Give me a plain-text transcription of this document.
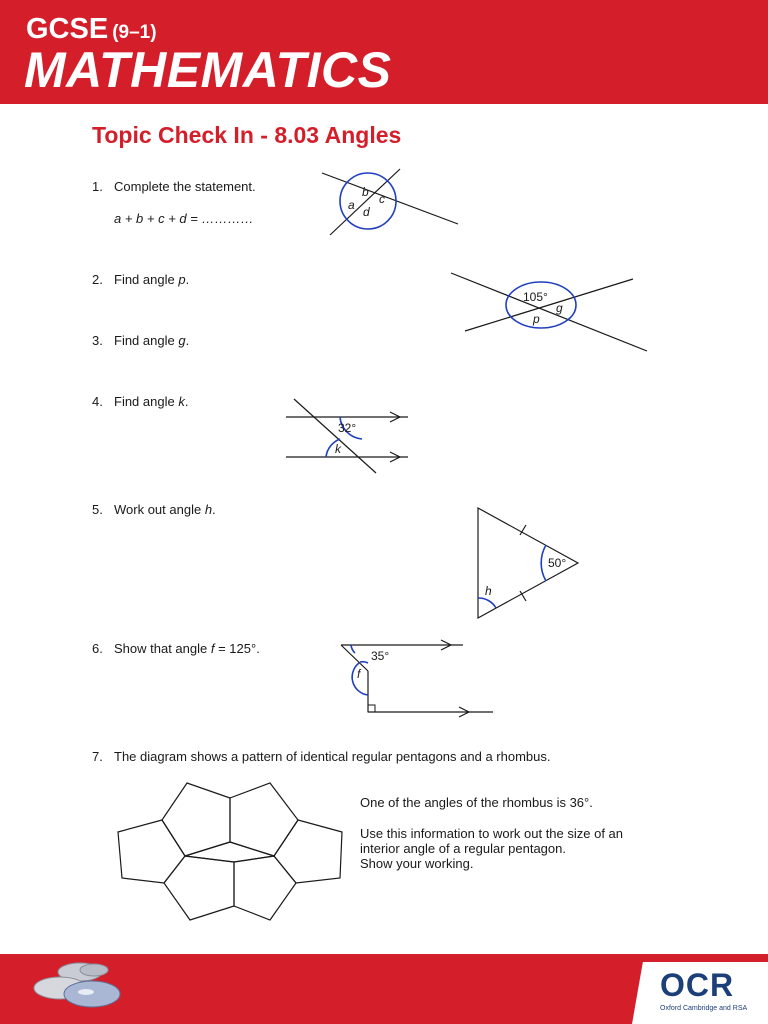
GCSE (9–1)
MATHEMATICS
Topic Check In - 8.03 Angles
1. Complete the statement.
a + b + c + d = …………
a
b c
d
2. Find angle p.
105°
p
g
3. Find angle g.
4. Find angle k.
32°
k
5. Work out angle h.
50°
h
6. Show that angle f = 125°.	35°
f
7. The diagram shows a pattern of identical regular pentagons and a rhombus.
One of the angles of the rhombus is 36°.
Use this information to work out the size of an
interior angle of a regular pentagon.
Show your working.
OCR
Oxford Cambridge and RSA
